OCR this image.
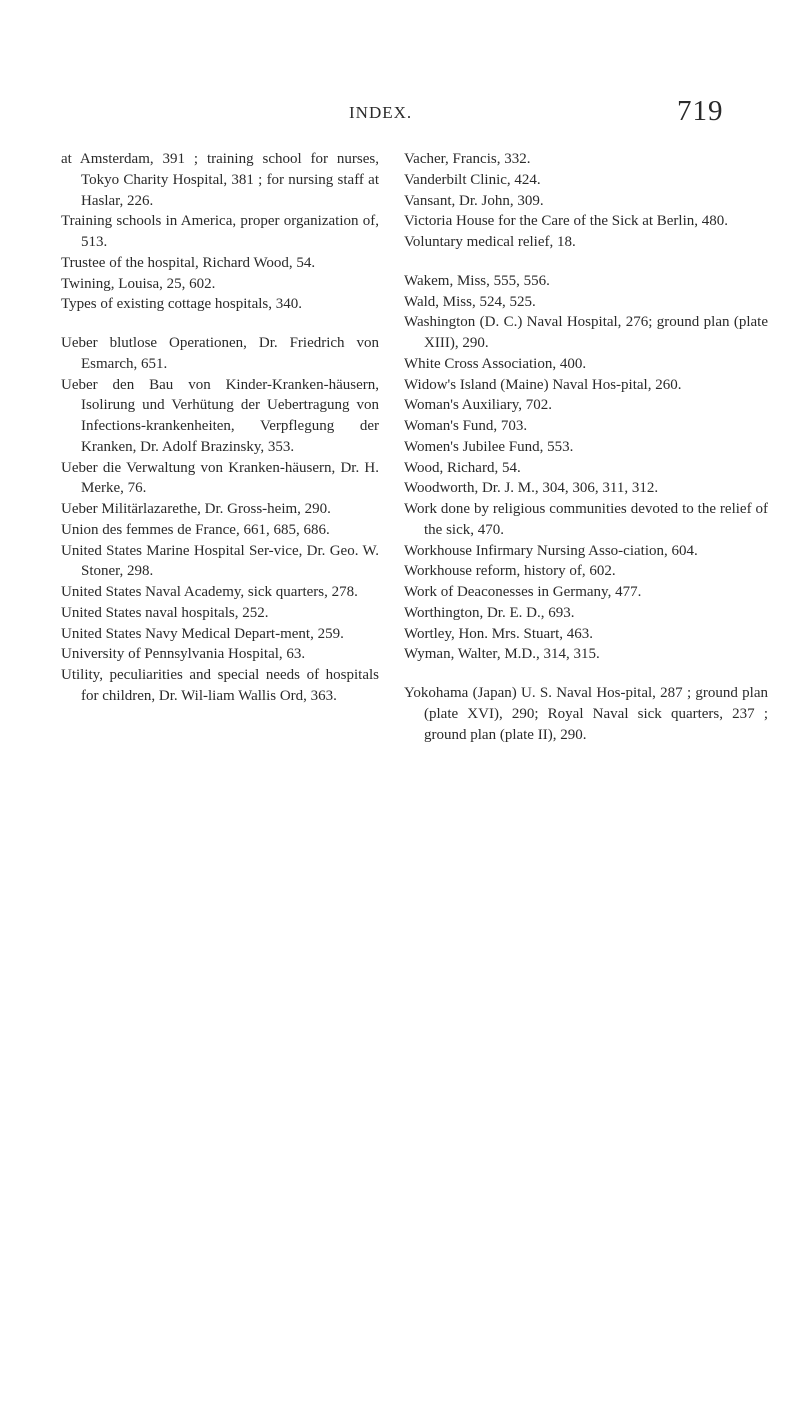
INDEX.	719

at Amsterdam, 391 ; training school for nurses, Tokyo Charity Hospital, 381 ; for nursing staff at Haslar, 226.

Training schools in America, proper organization of, 513.

Trustee of the hospital, Richard Wood, 54.

Twining, Louisa, 25, 602.

Types of existing cottage hospitals, 340.

Ueber blutlose Operationen, Dr. Friedrich von Esmarch, 651.

Ueber den Bau von Kinder-Kranken-häusern, Isolirung und Verhütung der Uebertragung von Infections-krankenheiten, Verpflegung der Kranken, Dr. Adolf Brazinsky, 353.

Ueber die Verwaltung von Kranken-häusern, Dr. H. Merke, 76.

Ueber Militärlazarethe, Dr. Gross-heim, 290.

Union des femmes de France, 661, 685, 686.

United States Marine Hospital Ser-vice, Dr. Geo. W. Stoner, 298.

United States Naval Academy, sick quarters, 278.

United States naval hospitals, 252.

United States Navy Medical Depart-ment, 259.

University of Pennsylvania Hospital, 63.

Utility, peculiarities and special needs of hospitals for children, Dr. Wil-liam Wallis Ord, 363.

Vacher, Francis, 332.

Vanderbilt Clinic, 424.

Vansant, Dr. John, 309.

Victoria House for the Care of the Sick at Berlin, 480.

Voluntary medical relief, 18.

Wakem, Miss, 555, 556.

Wald, Miss, 524, 525.

Washington (D. C.) Naval Hospital, 276; ground plan (plate XIII), 290.

White Cross Association, 400.

Widow's Island (Maine) Naval Hos-pital, 260.

Woman's Auxiliary, 702.

Woman's Fund, 703.

Women's Jubilee Fund, 553.

Wood, Richard, 54.

Woodworth, Dr. J. M., 304, 306, 311, 312.

Work done by religious communities devoted to the relief of the sick, 470.

Workhouse Infirmary Nursing Asso-ciation, 604.

Workhouse reform, history of, 602.

Work of Deaconesses in Germany, 477.

Worthington, Dr. E. D., 693.

Wortley, Hon. Mrs. Stuart, 463.

Wyman, Walter, M.D., 314, 315.

Yokohama (Japan) U. S. Naval Hos-pital, 287 ; ground plan (plate XVI), 290; Royal Naval sick quarters, 237 ; ground plan (plate II), 290.
